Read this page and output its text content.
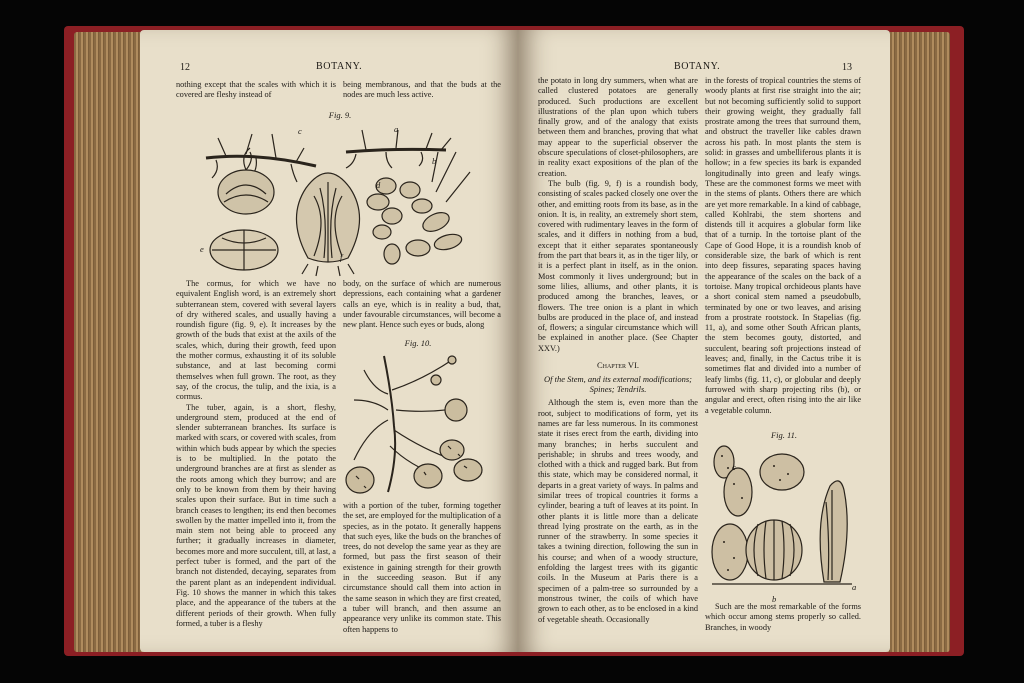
12	BOTANY.

nothing except that the scales with which it is covered are fleshy instead of

being membranous, and that the buds at the nodes are much less active.

Fig. 9.
c	a
b
d
e
f

The cormus, for which we have no equivalent English word, is an extremely short subterranean stem, covered with several layers of dry withered scales, and usually having a roundish figure (fig. 9, e). It increases by the growth of the buds that exist at the axils of the scales, which, during their growth, feed upon the mother cormus, exhausting it of its soluble substance, and at last becoming cormi themselves when full grown. The root, as they say, of the crocus, the tulip, and the ixia, is a cormus.

The tuber, again, is a short, fleshy, underground stem, produced at the end of slender subterranean branches. Its surface is marked with scars, or covered with scales, from within which buds appear by which the species is to be multiplied. In the potato the underground branches are at first as slender as the roots among which they burrow; and are only to be known from them by their having scales upon their surface. But in time such a branch ceases to lengthen; its end then becomes swollen by the matter impelled into it, from the main stem not being able to proceed any further; it gradually increases in diameter, becomes more and more succulent, till, at last, a perfect tuber is formed, and the part of the branch not distended, decaying, separates from the parent plant as an independent individual. Fig. 10 shows the manner in which this takes place, and the appearance of the tubers at the different periods of their growth. When fully formed, a tuber is a fleshy

body, on the surface of which are numerous depressions, each containing what a gardener calls an eye, which is in reality a bud, that, under favourable circumstances, will become a new plant. Hence such eyes or buds, along

Fig. 10.

with a portion of the tuber, forming together the set, are employed for the multiplication of a species, as in the potato. It generally happens that such eyes, like the buds on the branches of trees, do not develop the same year as they are formed, but pass the first season of their existence in gaining strength for their growth in the succeeding season. But if any circumstance should call them into action in the same season in which they are first created, a tuber will branch, and then assume an appearance very unlike its common state. This often happens to

BOTANY.	13

the potato in long dry summers, when what are called clustered potatoes are generally produced. Such productions are excellent illustrations of the plan upon which tubers finally grow, and of the analogy that exists between them and branches, proving that what may appear to the superficial observer the obscure speculations of closet-philosophers, are in reality exact expositions of the plan of the creation.

The bulb (fig. 9, f) is a roundish body, consisting of scales packed closely one over the other, and emitting roots from its base, as in the onion. It is, in reality, an extremely short stem, covered with rudimentary leaves in the form of scales, and it differs in nothing from a bud, except that it either separates spontaneously from the part that bears it, as in the tiger lily, or it is a perfect plant in itself, as in the onion. Most commonly it lives underground; but in some lilies, alliums, and other plants, it is produced among the branches, leaves, or flowers. The tree onion is a plant in which bulbs are produced in the place of, and instead of, flowers; a singular circumstance which will be explained in another place. (See Chapter XXV.)

Chapter VI.
Of the Stem, and its external modifications; Spines; Tendrils.

Although the stem is, even more than the root, subject to modifications of form, yet its names are far less numerous. In its commonest state it rises erect from the earth, dividing into many branches; in herbs succulent and perishable; in shrubs and trees woody, and clothed with a thick and rugged bark. But from this state, which may be considered normal, it departs in a great variety of ways. In palms and similar trees of tropical countries it forms a cylinder, bearing a tuft of leaves at its point. In other plants it is little more than a delicate thread lying prostrate on the earth, as in the runner of the strawberry. In some species it takes a twining direction, following the sun in his course; and when of a woody structure, enfolding the largest trees with its gigantic coils. In the Museum at Paris there is a specimen of a palm-tree so surrounded by a monstrous twiner, the coils of which have grown to each other, as to be enclosed in a kind of vegetable sheath. Occasionally

in the forests of tropical countries the stems of woody plants at first rise straight into the air; but not becoming sufficiently solid to support their growing weight, they gradually fall prostrate among the trees that surround them, and obstruct the traveller like cables drawn across his path. In most plants the stem is solid: in grasses and umbelliferous plants it is hollow; in a few species its bark is expanded longitudinally into green and leafy wings. These are the commonest forms we meet with in the stems of plants. Others there are which are yet more remarkable. In a kind of cabbage, called Kohlrabi, the stem shortens and distends till it acquires a globular form like that of a turnip. In the tortoise plant of the Cape of Good Hope, it is a roundish knob of considerable size, the bark of which is rent into deep fissures, separating spaces having the appearance of the scales on the back of a tortoise. Many tropical orchideous plants have a short conical stem named a pseudobulb, terminated by one or two leaves, and arising from a prostrate rootstock. In Stapelias (fig. 11, a), and some other South African plants, the stem becomes gouty, distorted, and succulent, bearing soft projections instead of leaves; and, finally, in the Cactus tribe it is sometimes flat and divided into a number of leafy limbs (fig. 11, c), or globular and deeply furrowed with sharp projecting ribs (b), or angular and erect, often rising into the air like a vegetable column.

Fig. 11.
c
b
a

Such are the most remarkable of the forms which occur among stems properly so called. Branches, in woody
